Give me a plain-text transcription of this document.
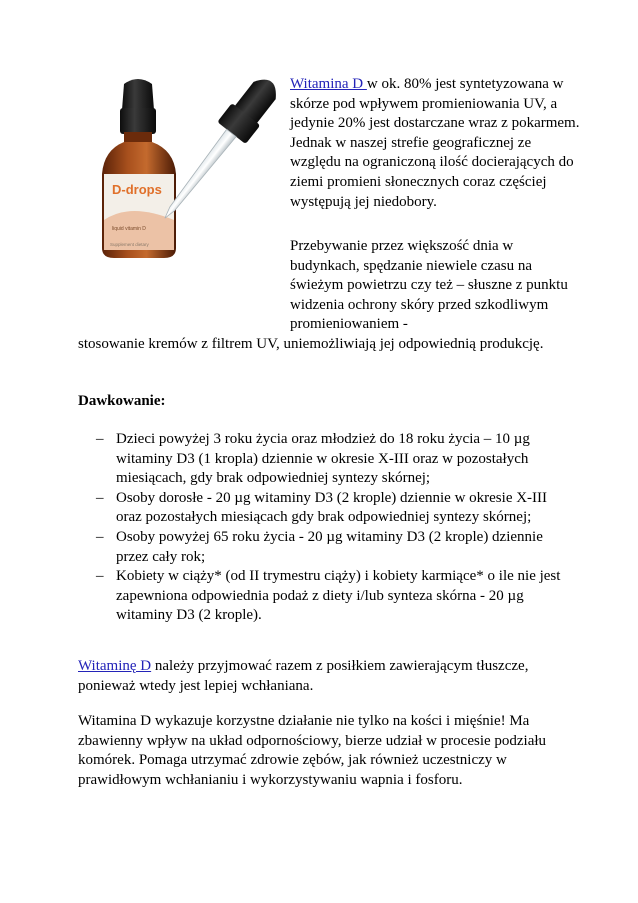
D-drops
liquid vitamin D
Supplement dietary

Witamina D w ok. 80% jest syntetyzowana w skórze pod wpływem promieniowania UV, a jedynie 20% jest dostarczane wraz z pokarmem. Jednak w naszej strefie geograficznej ze względu na ograniczoną ilość docierających do ziemi promieni słonecznych coraz częściej występują jej niedobory.

Przebywanie przez większość dnia w budynkach, spędzanie niewiele czasu na świeżym powietrzu czy też – słuszne z punktu widzenia ochrony skóry przed szkodliwym promieniowaniem -

stosowanie kremów z filtrem UV, uniemożliwiają jej odpowiednią produkcję.

Dawkowanie:

– Dzieci powyżej 3 roku życia oraz młodzież do 18 roku życia – 10 µg witaminy D3 (1 kropla) dziennie w okresie X-III oraz w pozostałych miesiącach, gdy brak odpowiedniej syntezy skórnej;
– Osoby dorosłe - 20 µg witaminy D3 (2 krople) dziennie w okresie X-III oraz pozostałych miesiącach gdy brak odpowiedniej syntezy skórnej;
– Osoby powyżej 65 roku życia - 20 µg witaminy D3 (2 krople) dziennie przez cały rok;
– Kobiety w ciąży* (od II trymestru ciąży) i kobiety karmiące* o ile nie jest zapewniona odpowiednia podaż z diety i/lub synteza skórna - 20 µg witaminy D3 (2 krople).

Witaminę D należy przyjmować razem z posiłkiem zawierającym tłuszcze, ponieważ wtedy jest lepiej wchłaniana.

Witamina D wykazuje korzystne działanie nie tylko na kości i mięśnie! Ma zbawienny wpływ na układ odpornościowy, bierze udział w procesie podziału komórek. Pomaga utrzymać zdrowie zębów, jak również uczestniczy w prawidłowym wchłanianiu i wykorzystywaniu wapnia i fosforu.
